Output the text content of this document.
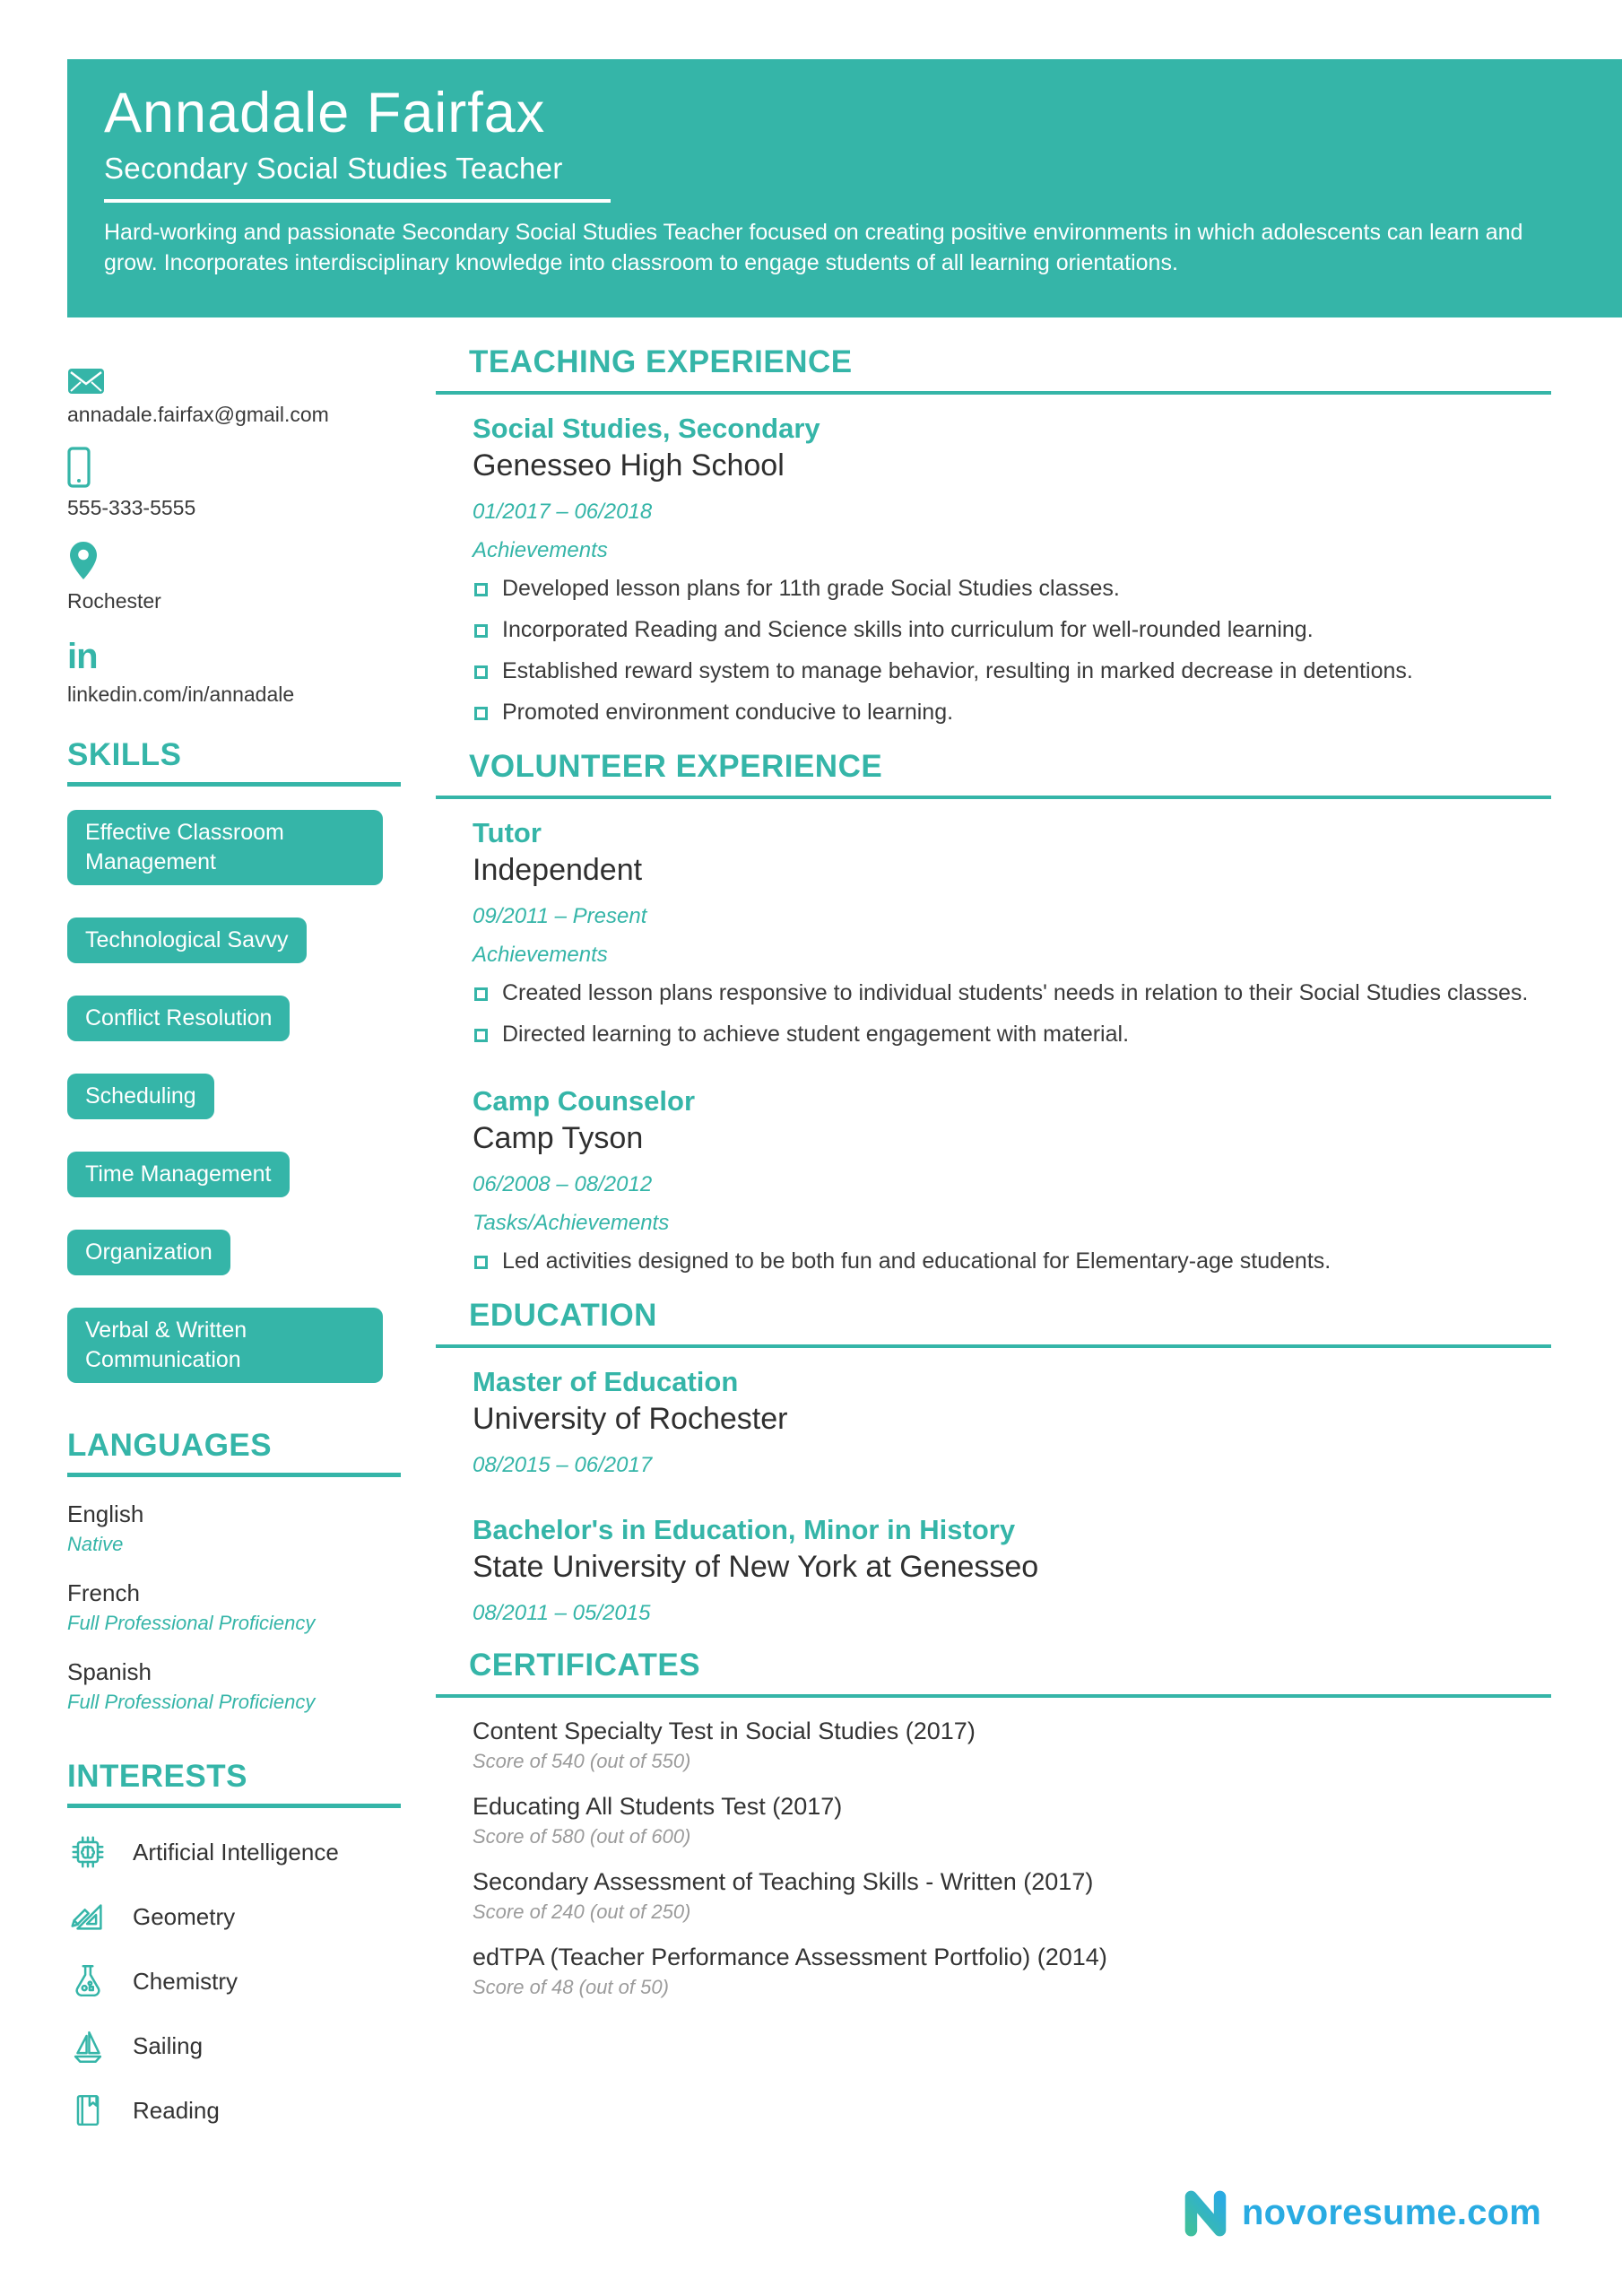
Annadale Fairfax
Secondary Social Studies Teacher

Hard-working and passionate Secondary Social Studies Teacher focused on creating positive environments in which adolescents can learn and grow. Incorporates interdisciplinary knowledge into classroom to engage students of all learning orientations.

annadale.fairfax@gmail.com
555-333-5555
Rochester
in
linkedin.com/in/annadale
SKILLS
Effective Classroom Management
Technological Savvy
Conflict Resolution
Scheduling
Time Management
Organization
Verbal & Written Communication
LANGUAGES
English
Native
French
Full Professional Proficiency
Spanish
Full Professional Proficiency
INTERESTS
Artificial Intelligence
Geometry
Chemistry
Sailing
Reading
TEACHING EXPERIENCE
Social Studies, Secondary
Genesseo High School
01/2017 – 06/2018
Achievements
Developed lesson plans for 11th grade Social Studies classes.
Incorporated Reading and Science skills into curriculum for well-rounded learning.
Established reward system to manage behavior, resulting in marked decrease in detentions.
Promoted environment conducive to learning.
VOLUNTEER EXPERIENCE
Tutor
Independent
09/2011 – Present
Achievements
Created lesson plans responsive to individual students' needs in relation to their Social Studies classes.
Directed learning to achieve student engagement with material.
Camp Counselor
Camp Tyson
06/2008 – 08/2012
Tasks/Achievements
Led activities designed to be both fun and educational for Elementary-age students.
EDUCATION
Master of Education
University of Rochester
08/2015 – 06/2017
Bachelor's in Education, Minor in History
State University of New York at Genesseo
08/2011 – 05/2015
CERTIFICATES
Content Specialty Test in Social Studies (2017)
Score of 540 (out of 550)
Educating All Students Test (2017)
Score of 580 (out of 600)
Secondary Assessment of Teaching Skills - Written (2017)
Score of 240 (out of 250)
edTPA (Teacher Performance Assessment Portfolio) (2014)
Score of 48 (out of 50)
novoresume.com
